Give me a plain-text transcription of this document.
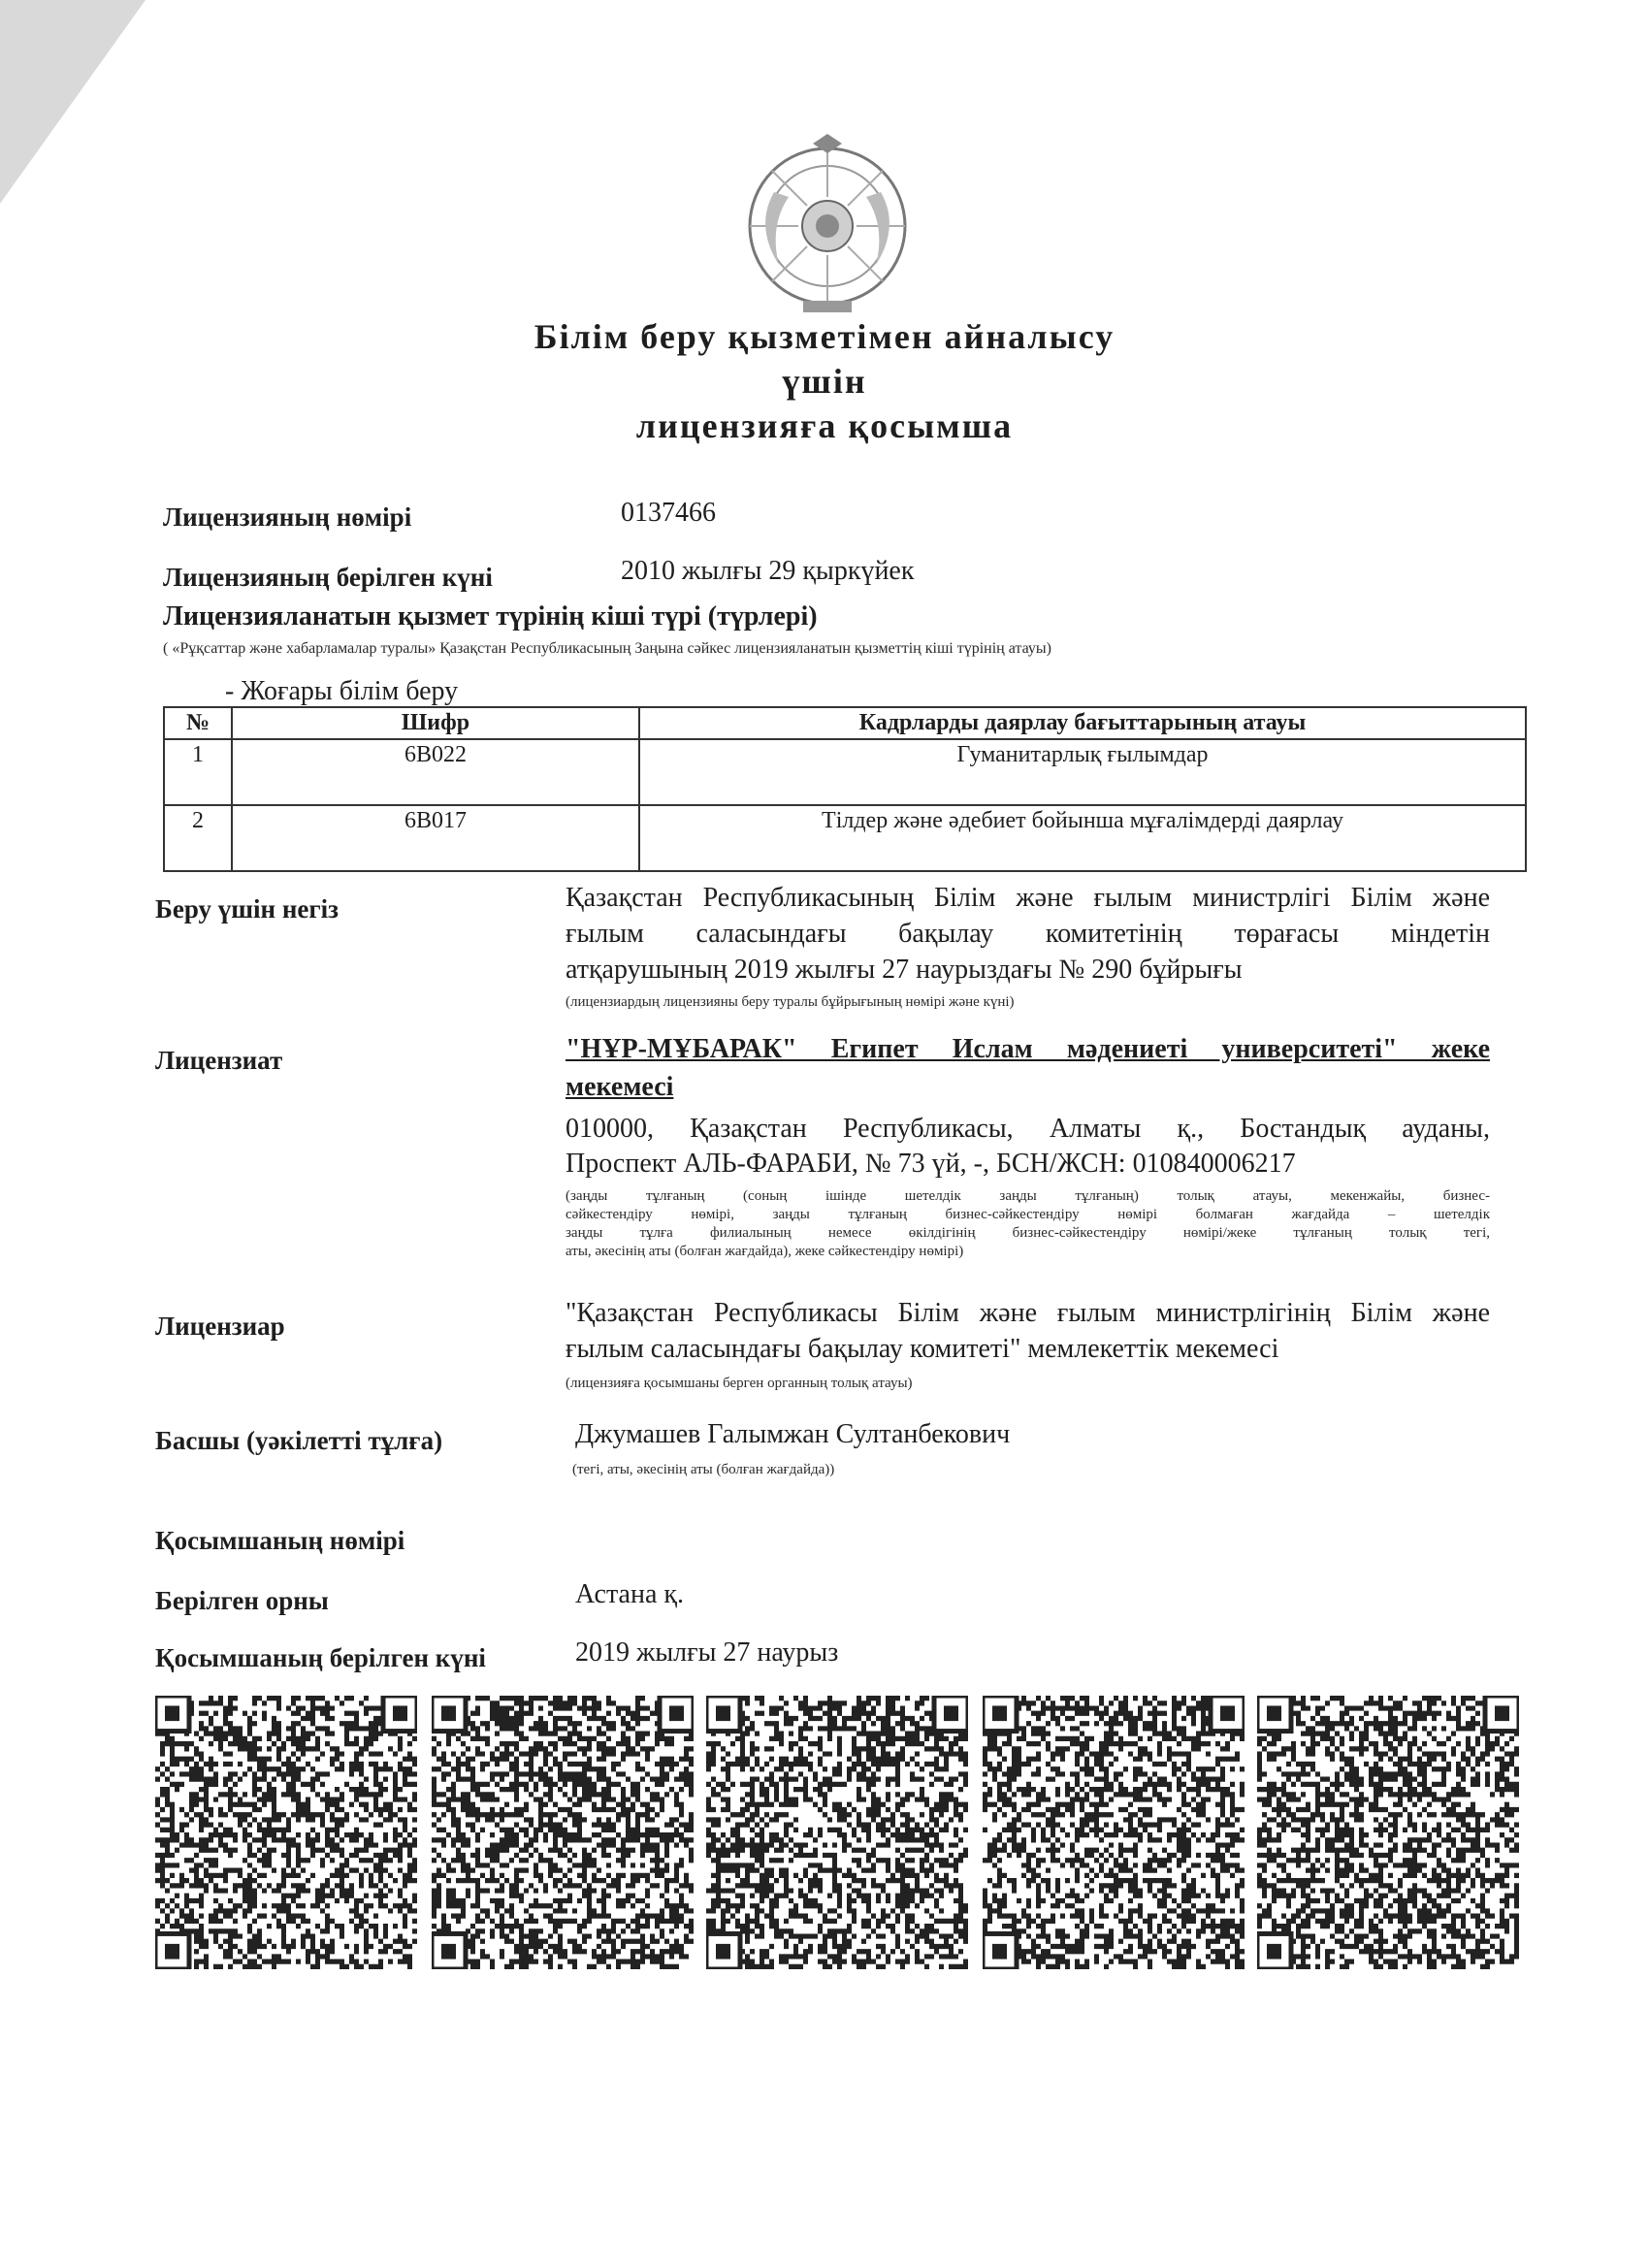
Білім беру қызметімен айналысу
үшін
лицензияға қосымша
Лицензияның нөмірі	0137466
Лицензияның берілген күні	2010 жылғы 29 қыркүйек
Лицензияланатын қызмет түрінің кіші түрі (түрлері)
( «Рұқсаттар және хабарламалар туралы» Қазақстан Республикасының Заңына сәйкес лицензияланатын қызметтің кіші түрінің атауы)
- Жоғары білім беру
№	Шифр	Кадрларды даярлау бағыттарының атауы
1	6B022	Гуманитарлық ғылымдар
2	6B017	Тілдер және әдебиет бойынша мұғалімдерді даярлау
Беру үшін негіз	Қазақстан Республикасының Білім және ғылым министрлігі Білім және
ғылым саласындағы бақылау комитетінің төрағасы міндетін
атқарушының 2019 жылғы 27 наурыздағы № 290 бұйрығы
(лицензиардың лицензияны беру туралы бұйрығының нөмірі және күні)
Лицензиат	"НҰР-МҰБАРАК" Египет Ислам мәдениеті университеті" жеке
мекемесі
010000, Қазақстан Республикасы, Алматы қ., Бостандық ауданы,
Проспект АЛЬ-ФАРАБИ, № 73 үй, -, БСН/ЖСН: 010840006217
(заңды тұлғаның (соның ішінде шетелдік заңды тұлғаның) толық атауы, мекенжайы, бизнес-
сәйкестендіру нөмірі, заңды тұлғаның бизнес-сәйкестендіру нөмірі болмаған жағдайда – шетелдік
заңды тұлға филиалының немесе өкілдігінің бизнес-сәйкестендіру нөмірі/жеке тұлғаның толық тегі,
аты, әкесінің аты (болған жағдайда), жеке сәйкестендіру нөмірі)
Лицензиар	"Қазақстан Республикасы Білім және ғылым министрлігінің Білім және
ғылым саласындағы бақылау комитеті" мемлекеттік мекемесі
(лицензияға қосымшаны берген органның толық атауы)
Басшы (уәкілетті тұлға)	Джумашев Галымжан Султанбекович
(тегі, аты, әкесінің аты (болған жағдайда))
Қосымшаның нөмірі
Берілген орны	Астана қ.
Қосымшаның берілген күні	2019 жылғы 27 наурыз
